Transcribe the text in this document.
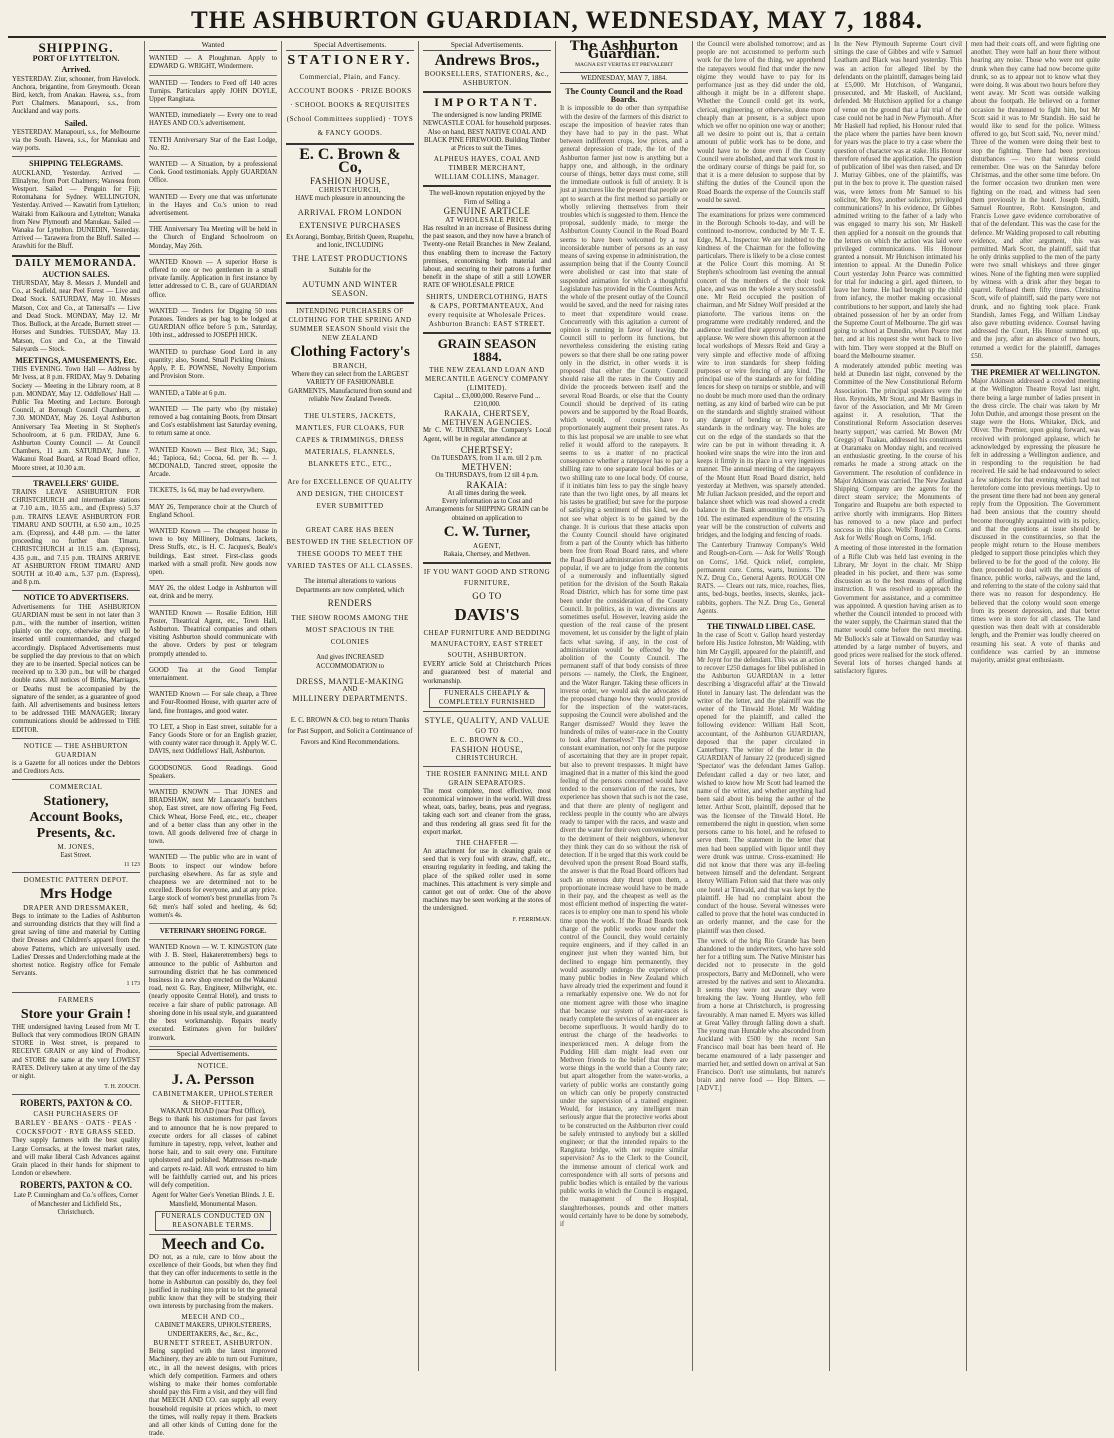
THE ASHBURTON GUARDIAN, WEDNESDAY, MAY 7, 1884.
SHIPPING.
PORT OF LYTTELTON.
Arrived.

YESTERDAY. Ziur, schooner, from Havelock. Anchora, brigantine, from Greymouth. Ocean Bird, ketch, from Anakau. Hawea, s.s., from Port Chalmers. Manapouri, s.s., from Auckland and way ports.

Sailed.

YESTERDAY. Manapouri, s.s., for Melbourne via the South. Hawea, s.s., for Manukau and way ports.

SHIPPING TELEGRAMS.

AUCKLAND, Yesterday. Arrived — Elinalyne, from Port Chalmers; Waresea from Westport. Sailed — Penguin for Fiji; Rotomahana for Sydney. WELLINGTON, Yesterday. Arrived — Kawatiri from Lyttelton; Waitaki from Kaikoura and Lyttelton; Wanaka from New Plymouth and Manukau. Sailed — Wanaka for Lyttelton. DUNEDIN, Yesterday. Arrived — Tarawera from the Bluff. Sailed — Arawhiti for the Bluff.

DAILY MEMORANDA.
AUCTION SALES.

THURSDAY, May 8. Messrs J. Mundell and Co., at Seafield, near Peel Forest — Live and Dead Stock. SATURDAY, May 10. Messrs Matson, Cox and Co., at Tattersall's — Live and Dead Stock. MONDAY, May 12. Mr Thos. Bullock, at the Arcade, Burnett street — Horses and Sundries. TUESDAY, May 13. Matson, Cox and Co., at the Tinwald Saleyards — Stock.

MEETINGS, AMUSEMENTS, Etc.

THIS EVENING. Town Hall — Address by Mr Ivess, at 8 p.m. FRIDAY, May 9. Debating Society — Meeting in the Library room, at 8 p.m. MONDAY, May 12. Oddfellows' Hall — Public Tea Meeting and Lecture. Borough Council, at Borough Council Chambers, at 7.30. MONDAY, May 26. Loyal Ashburton Anniversary Tea Meeting in St Stephen's Schoolroom, at 6 p.m. FRIDAY, June 6. Ashburton County Council — At Council Chambers, 11 a.m. SATURDAY, June 7. Wakanui Road Board, at Road Board office, Moore street, at 10.30 a.m.

TRAVELLERS' GUIDE.

TRAINS LEAVE ASHBURTON FOR CHRISTCHURCH and intermediate stations at 7.10 a.m., 10.55 a.m., and (Express) 5.37 p.m. TRAINS LEAVE ASHBURTON FOR TIMARU AND SOUTH, at 6.50 a.m., 10.25 a.m. (Express), and 4.48 p.m. — the latter proceeding no further than Timaru. CHRISTCHURCH at 10.15 a.m. (Express), 4.35 p.m., and 7.15 p.m. TRAINS ARRIVE AT ASHBURTON FROM TIMARU AND SOUTH at 10.40 a.m., 5.37 p.m. (Express), and 8 p.m.

NOTICE TO ADVERTISERS.

Advertisements for THE ASHBURTON GUARDIAN must be sent in not later than 3 p.m., with the number of insertion, written plainly on the copy, otherwise they will be inserted until countermanded, and charged accordingly. Displaced Advertisements must be supplied the day previous to that on which they are to be inserted. Special notices can be received up to 3.30 p.m., but will be charged double rates. All notices of Births, Marriages, or Deaths must be accompanied by the signature of the sender, as a guarantee of good faith. All advertisements and business letters to be addressed THE MANAGER; literary communications should be addressed to THE EDITOR.

NOTICE — THE ASHBURTON GUARDIAN

is a Gazette for all notices under the Debtors and Creditors Acts.

COMMERCIAL
Stationery,
Account Books,
Presents, &c.
M. JONES,
East Street.
11 123
DOMESTIC PATTERN DEPOT.
Mrs Hodge
DRAPER AND DRESSMAKER,

Begs to intimate to the Ladies of Ashburton and surrounding districts that they will find a great saving of time and material by Cutting their Dresses and Children's apparel from the above Patterns, which are universally used. Ladies' Dresses and Underclothing made at the shortest notice. Registry office for Female Servants.

1 173
FARMERS
Store your Grain !

THE undersigned having Leased from Mr T. Bullock that very commodious IRON GRAIN STORE in West street, is prepared to RECEIVE GRAIN or any kind of Produce, and STORE the same at the very LOWEST RATES. Delivery taken at any time of the day or night.

T. H. ZOUCH.
ROBERTS, PAXTON & CO.
CASH PURCHASERS OF
BARLEY · BEANS · OATS · PEAS · COCKSFOOT · RYE GRASS SEED.

They supply farmers with the best quality Large Cornsacks, at the lowest market rates, and will make liberal Cash Advances against Grain placed in their hands for shipment to London or elsewhere.

ROBERTS, PAXTON & CO.
Late P. Cunningham and Co.'s offices, Corner of Manchester and Lichfield Sts., Christchurch.
Wanted

WANTED — A Ploughman. Apply to EDWARD G. WRIGHT, Windermere.

WANTED — Tenders to Feed off 140 acres Turnips. Particulars apply JOHN DOYLE, Upper Rangitata.

WANTED, immediately — Every one to read HAYES AND CO.'s advertisement.

TENTH Anniversary Star of the East Lodge, No. 82.

WANTED — A Situation, by a professional Cook. Good testimonials. Apply GUARDIAN Office.

WANTED — Every one that was unfortunate in the Hayes and Co.'s union to read advertisement.

THE Anniversary Tea Meeting will be held in the Church of England Schoolroom on Monday, May 26th.

WANTED Known — A superior Horse is offered to one or two gentlemen in a small private family. Application in first instance by letter addressed to C. B., care of GUARDIAN office.

WANTED — Tenders for Digging 50 tons Potatoes. Tenders as per bag to be lodged at GUARDIAN office before 5 p.m., Saturday, 10th inst., addressed to JOSEPH HICK.

WANTED to purchase Good Lord in any quantity; also, Sound, Small Pickling Onions. Apply, P. E. POWNSE, Novelty Emporium and Provision Store.

WANTED, a Table at 6 p.m.

WANTED — The party who (by mistake) removed a bag containing Boots, from Dinsart and Cos's establishment last Saturday evening, to return same at once.

WANTED Known — Best Rice, 3d.; Sago, 4d.; Tapioca, 6d.; Cocoa, 6d. per lb. — J. MCDONALD, Tancred street, opposite the Arcade.

TICKETS, 1s 6d, may be had everywhere.

MAY 26, Temperance choir at the Church of England School.

WANTED Known — The cheapest house in town to buy Millinery, Dolmans, Jackets, Dress Stuffs, etc., is H. C. Jacques's, Beale's buildings, East street. First-class goods marked with a small profit. New goods now open.

MAY 26, the oldest Lodge in Ashburton will eat, drink and be merry.

WANTED Known — Rosalie Edition, Hill Poster, Theatrical Agent, etc., Town Hall, Ashburton. Theatrical companies and others visiting Ashburton should communicate with the above. Orders by post or telegram promptly attended to.

GOOD Tea at the Good Templar entertainment.

WANTED Known — For sale cheap, a Three and Four-Roomed House, with quarter acre of land, fine frontages, and good water.

TO LET, a Shop in East street, suitable for a Fancy Goods Store or for an English grazier, with county water race through it. Apply W. C. DAVIS, next Oddfellows' Hall, Ashburton.

GOODSONGS. Good Readings. Good Speakers.

WANTED KNOWN — That JONES and BRADSHAW, next Mr Lancaster's butchers shop, East street, are now offering Fig Feed, Chick Wheat, Horse Feed, etc., etc., cheaper and of a better class than any other in the town. All goods delivered free of charge in town.

WANTED — The public who are in want of Boots to inspect our window before purchasing elsewhere. As far as style and cheapness we are determined not to be excelled. Boots for everyone, and at any price. Large stock of women's best prunellas from 7s 6d; men's half soled and heeling, 4s 6d; women's 4s.

VETERINARY SHOEING FORGE.

WANTED Known — W. T. KINGSTON (late with J. B. Steel, Hakateretrembers) begs to announce to the public of Ashburton and surrounding district that he has commenced business in a new shop erected on the Wakanui road, next G. Ray, Engineer, Millwright, etc. (nearly opposite Central Hotel), and trusts to receive a fair share of public patronage. All shoeing done in his usual style, and guaranteed the best workmanship. Repairs neatly executed. Estimates given for builders' ironwork.

Special Advertisements.
NOTICE.
J. A. Persson
CABINETMAKER, UPHOLSTERER & SHOP-FITTER,
WAKANUI ROAD (near Post Office),

Begs to thank his customers for past favors and to announce that he is now prepared to execute orders for all classes of cabinet furniture in tapestry, repp, velvet, leather and horse hair, and to suit every one. Furniture upholstered and polished. Mattresses re-made and carpets re-laid. All work entrusted to him will be faithfully carried out, and his prices will defy competition.

Agent for Walter Gee's Venetian Blinds. J. E. Mansfield, Monumental Mason.
FUNERALS CONDUCTED ON REASONABLE TERMS.
Meech and Co.

DO not, as a rule, care to blow about the excellence of their Goods, but when they find that they can offer inducements to settle in the home in Ashburton can possibly do, they feel justified in rushing into print to let the general public know that they will be studying their own interests by purchasing from the makers.

MEECH AND CO.,
CABINET MAKERS, UPHOLSTERERS, UNDERTAKERS, &c., &c., &c.,
BURNETT STREET, ASHBURTON.

Being supplied with the latest improved Machinery, they are able to turn out Furniture, etc., in all the newest designs, with prices which defy competition. Farmers and others wishing to make their homes comfortable should pay this Firm a visit, and they will find that MEECH AND CO. can supply all every household requisite at prices which, to meet the times, will really repay it them. Brackets and all other kinds of Cutting done for the trade.

Special Advertisements.
STATIONERY.
Commercial, Plain, and Fancy. ACCOUNT BOOKS · PRIZE BOOKS · SCHOOL BOOKS & REQUISITES (School Committees supplied) · TOYS & FANCY GOODS.
E. C. Brown & Co,
FASHION HOUSE,
CHRISTCHURCH,
HAVE much pleasure in announcing the
ARRIVAL FROM LONDON
EXTENSIVE PURCHASES
Ex Aorangi, Bombay, British Queen, Ruapehu, and Ionic, INCLUDING
THE LATEST PRODUCTIONS
Suitable for the
AUTUMN AND WINTER SEASON.
INTENDING PURCHASERS OF CLOTHING FOR THE SPRING AND SUMMER SEASON Should visit the NEW ZEALAND
Clothing Factory's
BRANCH,
Where they can select from the LARGEST VARIETY OF FASHIONABLE GARMENTS, Manufactured from sound and reliable New Zealand Tweeds.
THE ULSTERS, JACKETS, MANTLES, FUR CLOAKS, FUR CAPES & TRIMMINGS, DRESS MATERIALS, FLANNELS, BLANKETS ETC., ETC.,
Are for EXCELLENCE OF QUALITY AND DESIGN, THE CHOICEST EVER SUBMITTED
GREAT CARE HAS BEEN BESTOWED IN THE SELECTION OF THESE GOODS TO MEET THE VARIED TASTES OF ALL CLASSES.
The internal alterations to various Departments are now completed, which
RENDERS
THE SHOW ROOMS AMONG THE MOST SPACIOUS IN THE COLONIES
And gives INCREASED ACCOMMODATION to
DRESS, MANTLE-MAKING
AND
MILLINERY DEPARTMENTS.
E. C. BROWN & CO. beg to return Thanks for Past Support, and Solicit a Continuance of Favors and Kind Recommendations.
Special Advertisements.
Andrews Bros.,
BOOKSELLERS, STATIONERS, &c.,
ASHBURTON.
IMPORTANT.

The undersigned is now landing PRIME NEWCASTLE COAL for household purposes. Also on hand, BEST NATIVE COAL AND BLACK PINE FIREWOOD. Building Timber at Prices to suit the Times.

ALPHEUS HAYES, COAL AND TIMBER MERCHANT,
WILLIAM COLLINS, Manager.
The well-known reputation enjoyed by the Firm of Selling a
GENUINE ARTICLE
AT WHOLESALE PRICE

Has resulted in an increase of Business during the past season, and they now have a branch of Twenty-one Retail Branches in New Zealand, thus enabling them to increase the Factory premises, economising both material and labour, and securing to their patrons a further benefit in the shape of still a still LOWER RATE OF WHOLESALE PRICE

SHIRTS, UNDERCLOTHING, HATS & CAPS, PORTMANTEAUX, And every requisite at Wholesale Prices.
Ashburton Branch: EAST STREET.
GRAIN SEASON 1884.
THE NEW ZEALAND LOAN AND MERCANTILE AGENCY COMPANY (LIMITED).
Capital ... £3,000,000. Reserve Fund ... £210,000.
RAKAIA, CHERTSEY, METHVEN AGENCIES.

Mr C. W. TURNER, the Company's Local Agent, will be in regular attendance at

CHERTSEY:
On TUESDAYS, from 11 a.m. till 2 p.m.
METHVEN:
On THURSDAYS, from 12 till 4 p.m.
RAKAIA:
At all times during the week.

Every information as to Cost and Arrangements for SHIPPING GRAIN can be obtained on application to

C. W. Turner,
AGENT,
Rakaia, Chertsey, and Methven.
IF YOU WANT GOOD AND STRONG FURNITURE,
GO TO
DAVIS'S
CHEAP FURNITURE AND BEDDING MANUFACTORY, EAST STREET SOUTH, ASHBURTON.

EVERY article Sold at Christchurch Prices and guaranteed best of material and workmanship.

FUNERALS CHEAPLY & COMPLETELY FURNISHED
STYLE, QUALITY, AND VALUE
GO TO
E. C. BROWN & CO.,
FASHION HOUSE,
CHRISTCHURCH.
THE ROSIER FANNING MILL AND GRAIN SEPARATORS.

The most complete, most effective, most economical winnower in the world. Will dress wheat, oats, barley, beans, peas and ryegrass, taking each sort and cleaner from the grass, and thus rendering all grass seed fit for the export market.

THE CHAFFER —

An attachment for use in cleaning grain or seed that is very foul with straw, chaff, etc., ensuring regularity in feeding, and taking the place of the spiked roller used in some machines. This attachment is very simple and cannot get out of order. One of the above machines may be seen working at the stores of the undersigned.

F. FERRIMAN.
The Ashburton Guardian.
MAGNA EST VERITAS ET PREVALEBIT
WEDNESDAY, MAY 7, 1884.
The County Council and the Road Boards.

It is impossible to do other than sympathise with the desire of the farmers of this district to escape the imposition of heavier rates than they have had to pay in the past. What between indifferent crops, low prices, and a general depression of trade, the lot of the Ashburton farmer just now is anything but a happy one, and although, in the ordinary course of things, better days must come, still the immediate outlook is full of anxiety. It is just at junctures like the present that people are apt to search at the first method so partially or wholly relieving themselves from their troubles which is suggested to them. Hence the proposal, suddenly made, to merge the Ashburton County Council in the Road Board seems to have been welcomed by a not inconsiderable number of persons as an easy means of saving expense in administration, the assumption being that if the County Council were abolished or cast into that state of suspended animation for which a thoughtful Legislature has provided in the Counties Acts, the whole of the present outlay of the Council would be saved, and the need for raising rates to meet that expenditure would cease. Concurrently with this agitation a current of opinion is running in favor of leaving the Council still to perform its functions, but nevertheless considering the existing rating powers so that there shall be one rating power only in the district, in other words it is proposed that either the County Council should raise all the rates in the County and divide the proceeds between itself and the several Road Boards, or else that the County Council should be deprived of its rating powers and be supported by the Road Boards, which would, of course, have to proportionately augment their present rates. As to this last proposal we are unable to see what relief it would afford to the ratepayers. It seems to us a matter of no practical consequence whether a ratepayer has to pay a shilling rate to one separate local bodies or a two shilling rate to one local body. Of course, if it initiates him less to pay the single heavy rate than the two light ones, by all means let his tastes be gratified; but save for the purpose of satisfying a sentiment of this kind, we do not see what object is to be gained by the change. It is curious that these attacks upon the County Council should have originated from a part of the County which has hitherto been free from Road Board rates, and where the Road Board administration is anything but popular, if we are to judge from the contents of a numerously and influentially signed petition for the division of the South Rakaia Road District, which has for some time past been under the consideration of the County Council. In politics, as in war, diversions are sometimes useful. However, leaving aside the question of the real cause of the present movement, let us consider by the light of plain facts what saving, if any, in the cost of administration would be effected by the abolition of the County Council. The permanent staff of that body consists of three persons — namely, the Clerk, the Engineer, and the Water Ranger. Taking these officers in inverse order, we would ask the advocates of the proposed change how they would provide for the inspection of the water-races, supposing the Council were abolished and the Ranger dismissed? Would they leave the hundreds of miles of water-race in the County to look after themselves? The races require constant examination, not only for the purpose of ascertaining that they are in proper repair, but also to prevent trespasses. It might have imagined that in a matter of this kind the good feeling of the persons concerned would have tended to the conservation of the races, but experience has shown that such is not the case, and that there are plenty of negligent and reckless people in the county who are always ready to tamper with the races, and waste and divert the water for their own convenience, but to the detriment of their neighbors, whenever they think they can do so without the risk of detection. If it be urged that this work could be devolved upon the present Road Board staffs, the answer is that the Road Board officers had such an onerous duty thrust upon them, a proportionate increase would have to be made in their pay, and the cheapest as well as the most efficient method of inspecting the water-races is to employ one man to spend his whole time upon the work. If the Road Boards took charge of the public works now under the control of the Council, they would certainly require engineers, and if they called in an engineer just when they wanted him, but declined to engage him permanently, they would assuredly undergo the experience of many public bodies in New Zealand which have already tried the experiment and found it a remarkably expensive one. We do not for one moment agree with those who imagine that because our system of water-races is nearly complete the services of an engineer are become superfluous. It would hardly do to entrust the charge of the headworks to inexperienced men. A deluge from the Pudding Hill dam might lead even our Methven friends to the belief that there are worse things in the world than a County rate; but apart altogether from the water-works, a variety of public works are constantly going on which can only be properly constructed under the supervision of a trained engineer. Would, for instance, any intelligent man seriously argue that the protective works about to be constructed on the Ashburton river could be safely entrusted to anybody but a skilled engineer; or that the intended repairs to the Rangitata bridge, with not require similar supervision? As to the Clerk to the Council, the immense amount of clerical work and correspondence with all sorts of persons and public bodies which is entailed by the various public works in which the Council is engaged, the management of the Hospital, slaughterhouses, pounds and other matters would certainly have to be done by somebody, if

the Council were abolished tomorrow; and as people are not accustomed to perform such work for the love of the thing, we apprehend the ratepayers would find that under the new régime they would have to pay for its performance just as they did under the old, although it might be in a different shape. Whether the Council could get its work, clerical, engineering, or otherwise, done more cheaply than at present, is a subject upon which we offer no opinion one way or another; all we desire to point out is, that a certain amount of public work has to be done, and would have to be done even if the County Council were abolished, and that work must in the ordinary course of things be paid for, so that it is a mere delusion to suppose that by shifting the duties of the Council upon the Road Boards the expense of the Councils staff would be saved.

The examinations for prizes were commenced in the Borough Schools to-day, and will be continued to-morrow, conducted by Mr T. E. Edge, M.A., Inspector. We are indebted to the kindness of the Chairman for the following particulars. There is likely to be a close contest at the Police Court this morning. At St Stephen's schoolroom last evening the annual concert of the members of the choir took place, and was on the whole a very successful one. Mr Reid occupied the position of chairman, and Mr Sidney Wolf presided at the pianoforte. The various items on the programme were creditably rendered, and the audience testified their approval by continued applause. We were shown this afternoon at the local workshops of Messrs Reid and Gray a very simple and effective mode of affixing wire to iron standards for sheep folding purposes or wire fencing of any kind. The principal use of the standards are for folding fences for sheep on turnips or stubble, and will no doubt be much more used than the ordinary netting, as any kind of barbed wire can be put on the standards and slightly strained without any danger of bending or breaking the standards in the ordinary way. The holes are cut on the edge of the standards so that the wire can be put in without threading it. A hooked wire snaps the wire into the iron and keeps it firmly in its place in a very ingenious manner. The annual meeting of the ratepayers of the Mount Hutt Road Board district, held yesterday at Methven, was sparsely attended. Mr Julian Jackson presided, and the report and balance sheet which was read showed a credit balance in the Bank amounting to £775 17s 10d. The estimated expenditure of the ensuing year will be the construction of culverts and bridges, and the lodging and fencing of roads.

The Canterbury Tramway Company's Weld and Rough-on-Corn. — Ask for Wells' 'Rough on Corns', 1/6d. Quick relief, complete, permanent cure. Corns, warts, bunions. The N.Z. Drug Co., General Agents. ROUGH ON RATS. — Clears out rats, mice, roaches, flies, ants, bed-bugs, beetles, insects, skunks, jack-rabbits, gophers. The N.Z. Drug Co., General Agents.

THE TINWALD LIBEL CASE.

In the case of Scott v. Gallop heard yesterday before His Justice Johnston, Mr Walding, with him Mr Caygill, appeared for the plaintiff, and Mr Joynt for the defendant. This was an action to recover £250 damages for libel published in the Ashburton GUARDIAN in a letter describing a 'disgraceful affair' at the Tinwald Hotel in January last. The defendant was the writer of the letter, and the plaintiff was the owner of the Tinwald Hotel. Mr Walding opened for the plaintiff, and called the following evidence: William Hall Scott, accountant, of the Ashburton GUARDIAN, deposed that the paper circulated in Canterbury. The writer of the letter in the GUARDIAN of January 22 (produced) signed 'Spectator' was the defendant James Gallop. Defendant called a day or two later, and wished to know how Mr Scott had learned the name of the writer, and whether anything had been said about his being the author of the letter. Arthur Scott, plaintiff, deposed that he was the licensee of the Tinwald Hotel. He remembered the night in question, when some persons came to his hotel, and he refused to serve them. The statement in the letter that men had been supplied with liquor until they were drunk was untrue. Cross-examined: He did not know that there was any ill-feeling between himself and the defendant. Sergeant Henry William Felton said that there was only one hotel at Tinwald, and that was kept by the plaintiff. He had no complaint about the conduct of the house. Several witnesses were called to prove that the hotel was conducted in an orderly manner, and the case for the plaintiff was then closed.

The wreck of the brig Rio Grande has been abandoned to the underwriters, who have sold her for a trifling sum. The Native Minister has decided not to prosecute in the gold prospectors, Barry and McDonnell, who were arrested by the natives and sent to Alexandra. It seems they were not aware they were breaking the law. Young Huntley, who fell from a horse at Christchurch, is progressing favourably. A man named E. Myers was killed at Great Valley through falling down a shaft. The young man Huntable who absconded from Auckland with £500 by the recent San Francisco mail boat has been heard of. He became enamoured of a lady passenger and married her, and settled down on arrival at San Francisco. Don't use stimulants, but nature's brain and nerve food — Hop Bitters. — [ADVT.]

In the New Plymouth Supreme Court civil sittings the case of Gibbes and wife v Samuel Leatham and Black was heard yesterday. This was an action for alleged libel by the defendants on the plaintiff, damages being laid at £5,000. Mr Hutchison, of Wanganui, prosecuted, and Mr Haskell, of Auckland, defended. Mr Hutchison applied for a change of venue on the ground that a fair trial of the case could not be had in New Plymouth. After Mr Haskell had replied, his Honour ruled that the place where the parties have been known for years was the place to try a case where the question of character was at stake. His Honour therefore refused the application. The question of publication of libel was then raised, and Dr J. Murray Gibbes, one of the plaintiffs, was put in the box to prove it. The question raised was, were letters from Mr Samuel to his solicitor, Mr Roy, another solicitor, privileged communications? In his evidence, Dr Gibbes admitted writing to the father of a lady who was engaged to marry his son, Mr Haskell then applied for a nonsuit on the grounds that the letters on which the action was laid were privileged communications. His Honour granted a nonsuit. Mr Hutchison intimated his intention to appeal. At the Dunedin Police Court yesterday John Pearce was committed for trial for inducing a girl, aged thirteen, to leave her home. He had brought up the child from infancy, the mother making occasional contributions to her support, and lately she had obtained possession of her by an order from the Supreme Court of Melbourne. The girl was going to school at Dunedin, when Pearce met her, and at his request she went back to live with him. They were stopped at the Bluff on board the Melbourne steamer.

A moderately attended public meeting was held at Dunedin last night, convened by the Committee of the New Constitutional Reform Association. The principal speakers were the Hon. Reynolds, Mr Stout, and Mr Bastings in favor of the Association, and Mr Mr Green against it. A resolution, 'That the Constitutional Reform Association deserves hearty support,' was carried. Mr Bowen (Mr Greggs) of Tuakau, addressed his constituents at Otaramaku on Monday night, and received an enthusiastic greeting. In the course of his remarks he made a strong attack on the Government. The resolution of confidence in Major Atkinson was carried. The New Zealand Shipping Company are the agents for the direct steam service; the Monuments of Tongariro and Ruapehu are both expected to arrive shortly with immigrants. Hop Bitters has removed to a new place and perfect success in this place. Wells' Rough on Corns. Ask for Wells' Rough on Corns, 1/6d.

A meeting of those interested in the formation of a Rifle Club was held last evening in the Library, Mr Joynt in the chair. Mr Shipp pleaded in his pocket, and there was some discussion as to the best means of affording instruction. It was resolved to approach the Government for assistance, and a committee was appointed. A question having arisen as to whether the Council intended to proceed with the water supply, the Chairman stated that the matter would come before the next meeting. Mr Bullock's sale at Tinwald on Saturday was attended by a large number of buyers, and good prices were realised for the stock offered. Several lots of horses changed hands at satisfactory figures.

men had their coats off, and were fighting one another. They were half an hour there without hearing any noise. Those who were not quite drunk when they came had now become quite drunk, so as to appear not to know what they were doing. It was about two hours before they went away. Mr Scott was outside walking about the footpath. He believed on a former occasion he threatened to fight him, but Mr Scott said it was to Mr Standish. He said he would like to send for the police. Witness offered to go, but Scott said, 'No, never mind.' Three of the women were doing their best to stop the fighting. There had been previous disturbances — two that witness could remember. One was on the Saturday before Christmas, and the other some time before. On the former occasion two drunken men were fighting on the road, and witness had seen them previously in the hotel. Joseph Smith, Samuel Rountree, Robt. Kensington, and Francis Lowe gave evidence corroborative of that of the defendant. This was the case for the defence. Mr Walding proposed to call rebutting evidence, and after argument, this was permitted. Mark Scott, the plaintiff, said that he only drinks supplied to the men of the party were two small whiskeys and three ginger wines. None of the fighting men were supplied by witness with a drink after they began to quarrel. Refused them fifty times. Christina Scott, wife of plaintiff, said the party were not drunk, and no fighting took place. Frank Standish, James Fegg, and William Lindsay also gave rebutting evidence. Counsel having addressed the Court, His Honor summed up, and the jury, after an absence of two hours, returned a verdict for the plaintiff, damages £50.

THE PREMIER AT WELLINGTON.

Major Atkinson addressed a crowded meeting at the Wellington Theatre Royal last night, there being a large number of ladies present in the dress circle. The chair was taken by Mr John Duthie, and amongst those present on the stage were the Hons. Whitaker, Dick, and Oliver. The Premier, upon going forward, was received with prolonged applause, which he acknowledged by expressing the pleasure he felt in addressing a Wellington audience, and in responding to the requisition he had received. He said he had endeavoured to select a few subjects for that evening which had not heretofore come into previous meetings. Up to the present time there had not been any general reply from the Opposition. The Government had been anxious that the country should become thoroughly acquainted with its policy, and that the questions at issue should be discussed in the constituencies, so that the people might return to the House members pledged to support those principles which they believed to be for the good of the colony. He then proceeded to deal with the questions of finance, public works, railways, and the land, and referring to the state of the colony said that there was no reason for despondency. He believed that the colony would soon emerge from its present depression, and that better times were in store for all classes. The land question was then dealt with at considerable length, and the Premier was loudly cheered on resuming his seat. A vote of thanks and confidence was carried by an immense majority, amidst great enthusiasm.
